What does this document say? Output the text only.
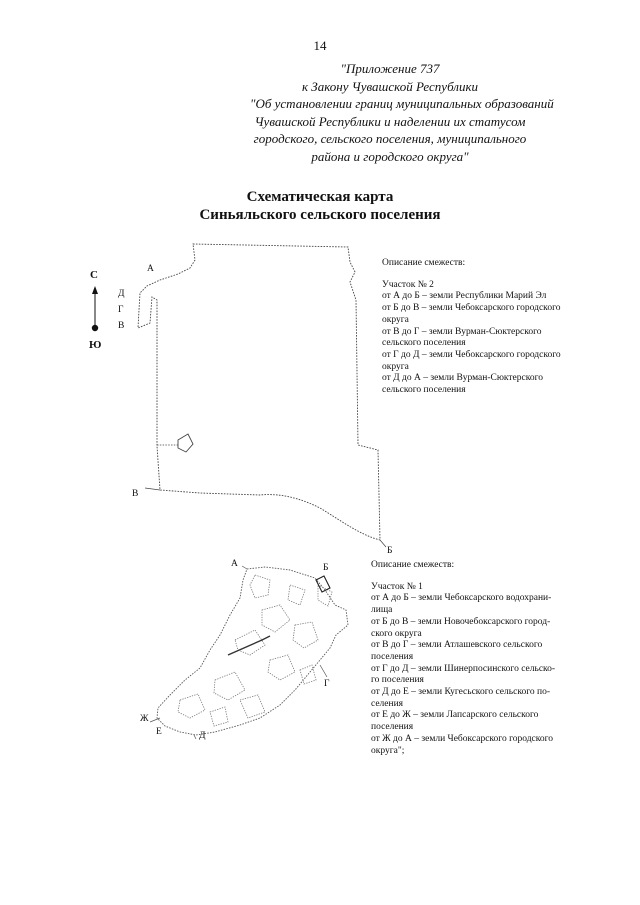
14
"Приложение 737
к Закону Чувашской Республики
"Об установлении границ муниципальных образований
Чувашской Республики и наделении их статусом
городского, сельского поселения, муниципального
района и городского округа"
Схематическая карта
Синьяльского сельского поселения
С
Ю
А
Д
Г
В
В
Б
А	Б
Г
Ж
Е	Д
Описание смежеств:
Участок № 2
от А до Б – земли Республики Марий Эл
от Б до В – земли Чебоксарского городского
округа
от В до Г – земли Вурман-Сюктерского
сельского поселения
от Г до Д – земли Чебоксарского городского
округа
от Д до А – земли Вурман-Сюктерского
сельского поселения
Описание смежеств:
Участок № 1
от А до Б – земли Чебоксарского водохрани-
лища
от Б до В – земли Новочебоксарского город-
ского округа
от В до Г – земли Атлашевского сельского
поселения
от Г до Д – земли Шинерпосинского сельско-
го поселения
от Д до Е – земли Кугесьского сельского по-
селения
от Е до Ж – земли Лапсарского сельского
поселения
от Ж до А – земли Чебоксарского городского
округа";
